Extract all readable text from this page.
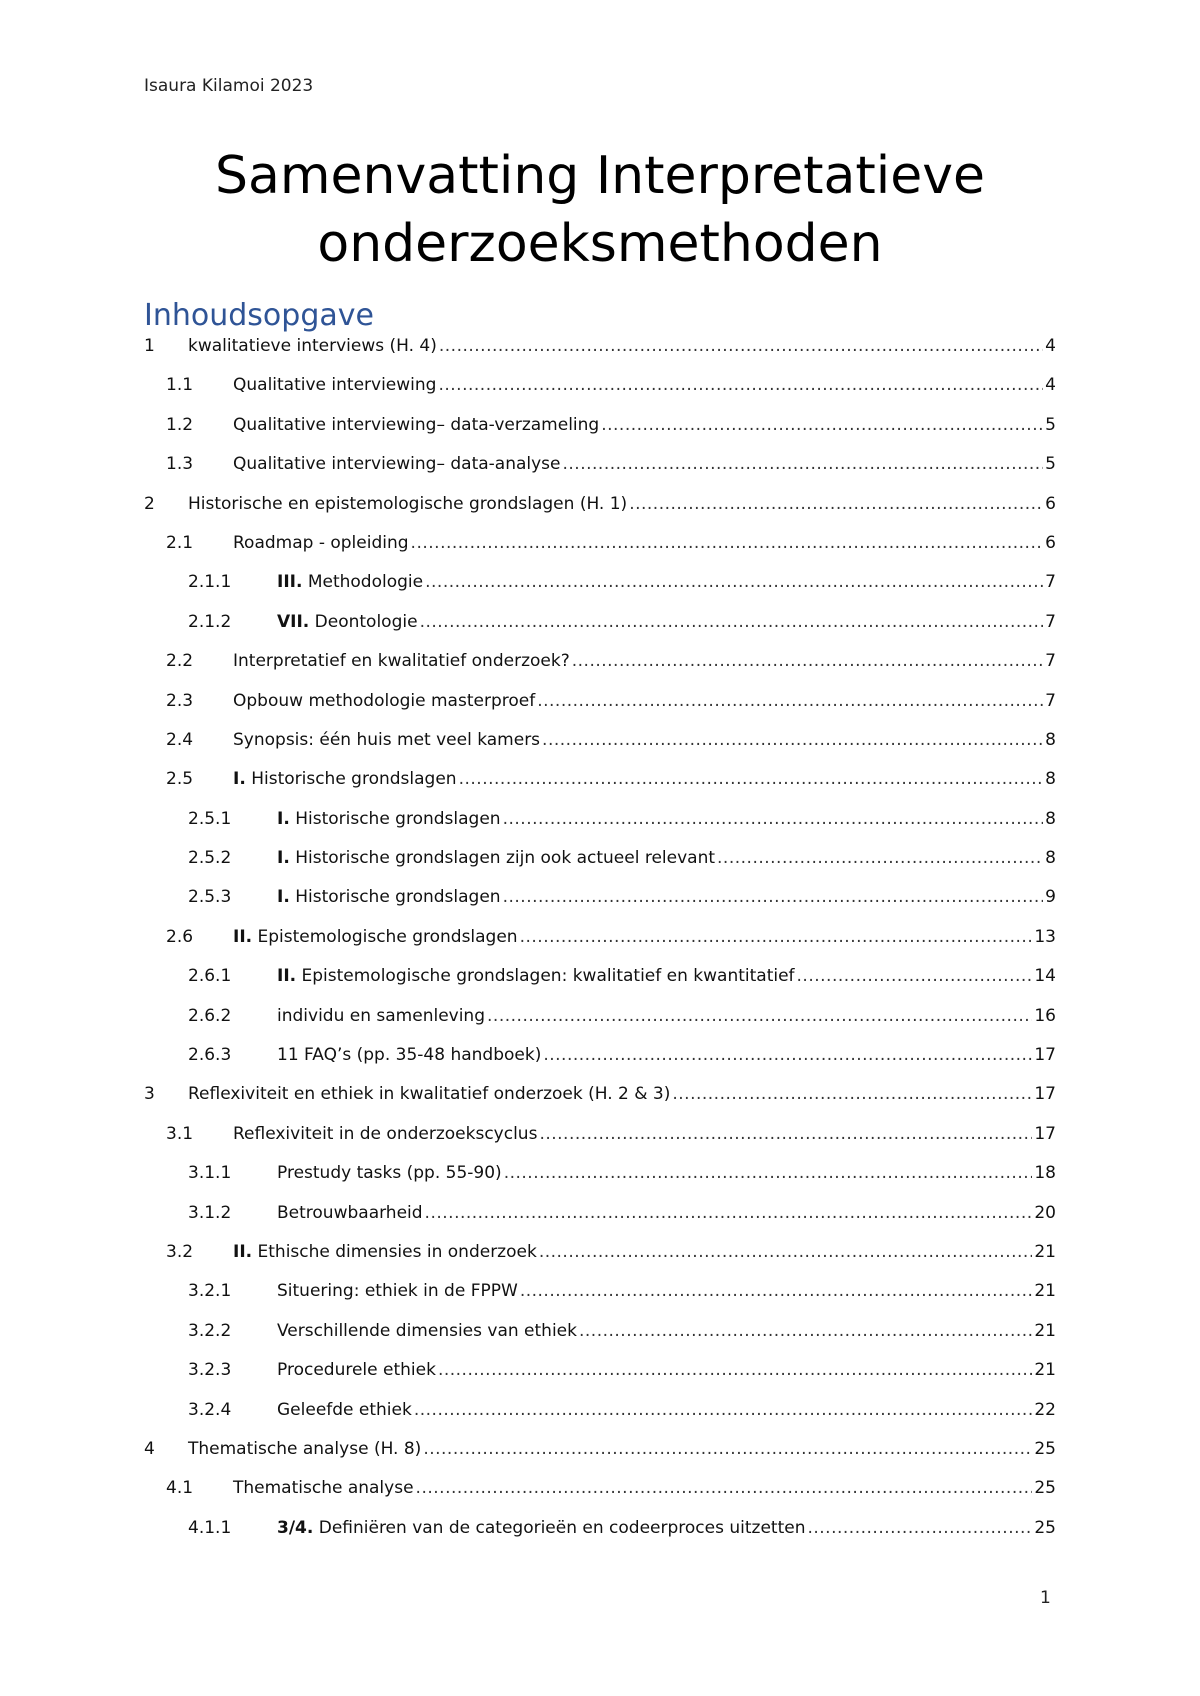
Isaura Kilamoi 2023
Samenvatting Interpretatieve
onderzoeksmethoden
Inhoudsopgave
1	kwalitatieve interviews (H. 4) .....	4
1.1	Qualitative interviewing .....	4
1.2	Qualitative interviewing– data-verzameling .....	5
1.3	Qualitative interviewing– data-analyse .....	5
2	Historische en epistemologische grondslagen (H. 1) .....	6
2.1	Roadmap - opleiding .....	6
2.1.1	III. Methodologie .....	7
2.1.2	VII. Deontologie .....	7
2.2	Interpretatief en kwalitatief onderzoek? .....	7
2.3	Opbouw methodologie masterproef .....	7
2.4	Synopsis: één huis met veel kamers .....	8
2.5	I. Historische grondslagen .....	8
2.5.1	I. Historische grondslagen .....	8
2.5.2	I. Historische grondslagen zijn ook actueel relevant .....	8
2.5.3	I. Historische grondslagen .....	9
2.6	II. Epistemologische grondslagen .....	13
2.6.1	II. Epistemologische grondslagen: kwalitatief en kwantitatief .....	14
2.6.2	individu en samenleving .....	16
2.6.3	11 FAQ’s (pp. 35-48 handboek) .....	17
3	Reflexiviteit en ethiek in kwalitatief onderzoek (H. 2 & 3) .....	17
3.1	Reflexiviteit in de onderzoekscyclus .....	17
3.1.1	Prestudy tasks (pp. 55-90) .....	18
3.1.2	Betrouwbaarheid .....	20
3.2	II. Ethische dimensies in onderzoek .....	21
3.2.1	Situering: ethiek in de FPPW .....	21
3.2.2	Verschillende dimensies van ethiek .....	21
3.2.3	Procedurele ethiek .....	21
3.2.4	Geleefde ethiek .....	22
4	Thematische analyse (H. 8) .....	25
4.1	Thematische analyse .....	25
4.1.1	3/4. Definiëren van de categorieën en codeerproces uitzetten .....	25
1
